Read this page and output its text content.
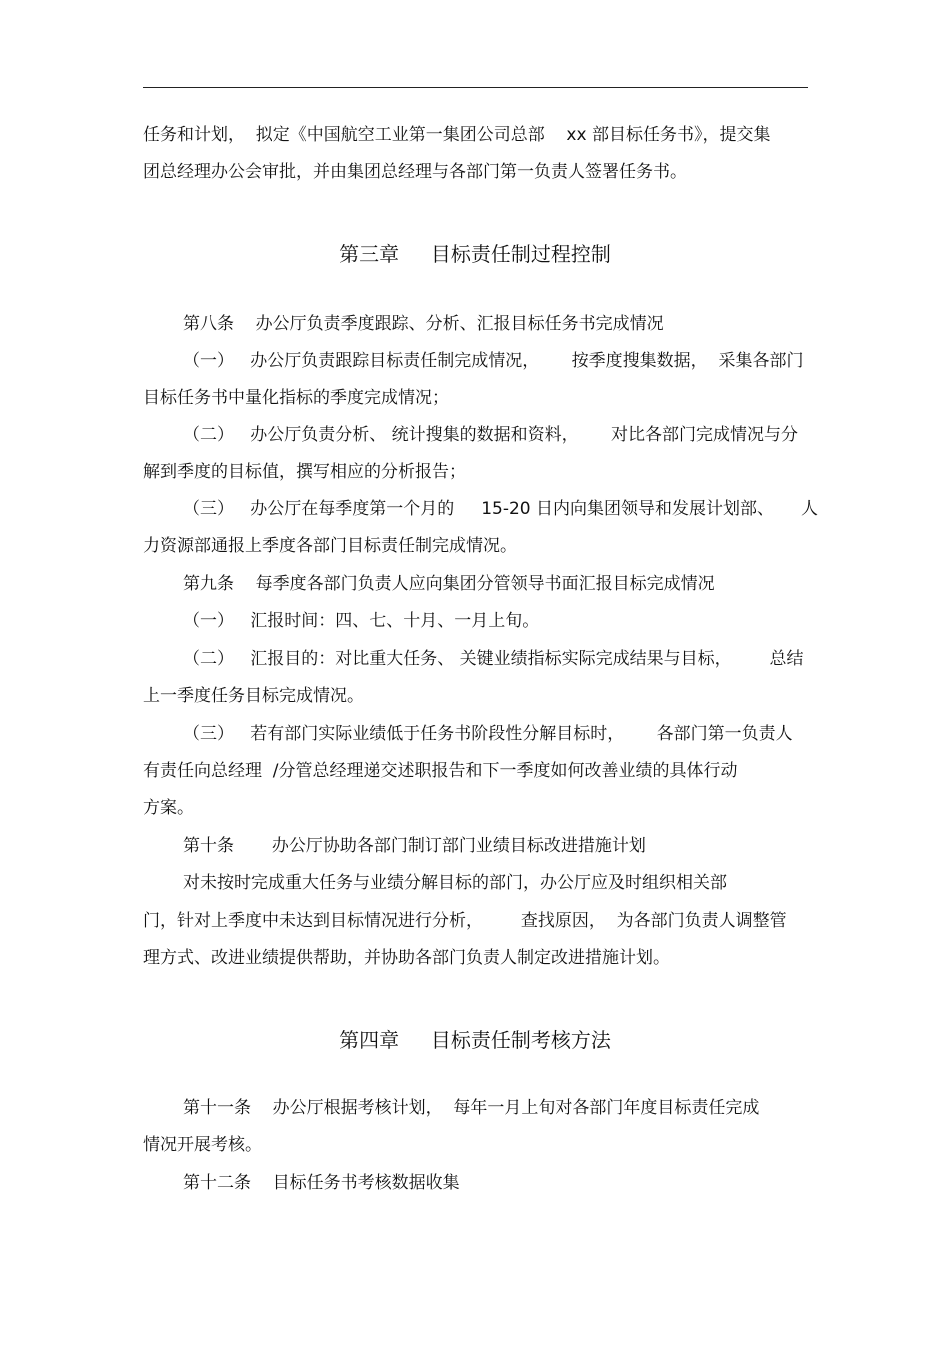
任务和计划，  拟定《中国航空工业第一集团公司总部    xx 部目标任务书》，提交集
团总经理办公会审批，并由集团总经理与各部门第一负责人签署任务书。
第三章     目标责任制过程控制
第八条    办公厅负责季度跟踪、分析、汇报目标任务书完成情况
（一）   办公厅负责跟踪目标责任制完成情况，      按季度搜集数据，  采集各部门
目标任务书中量化指标的季度完成情况；
（二）   办公厅负责分析、 统计搜集的数据和资料，      对比各部门完成情况与分
解到季度的目标值，撰写相应的分析报告；
（三）   办公厅在每季度第一个月的     15-20 日内向集团领导和发展计划部、     人
力资源部通报上季度各部门目标责任制完成情况。
第九条    每季度各部门负责人应向集团分管领导书面汇报目标完成情况
（一）   汇报时间：四、七、十月、一月上旬。
（二）   汇报目的：对比重大任务、 关键业绩指标实际完成结果与目标，       总结
上一季度任务目标完成情况。
（三）   若有部门实际业绩低于任务书阶段性分解目标时，      各部门第一负责人
有责任向总经理  /分管总经理递交述职报告和下一季度如何改善业绩的具体行动
方案。
第十条       办公厅协助各部门制订部门业绩目标改进措施计划
对未按时完成重大任务与业绩分解目标的部门，办公厅应及时组织相关部
门，针对上季度中未达到目标情况进行分析，       查找原因，  为各部门负责人调整管
理方式、改进业绩提供帮助，并协助各部门负责人制定改进措施计划。
第四章     目标责任制考核方法
第十一条    办公厅根据考核计划，  每年一月上旬对各部门年度目标责任完成
情况开展考核。
第十二条    目标任务书考核数据收集
